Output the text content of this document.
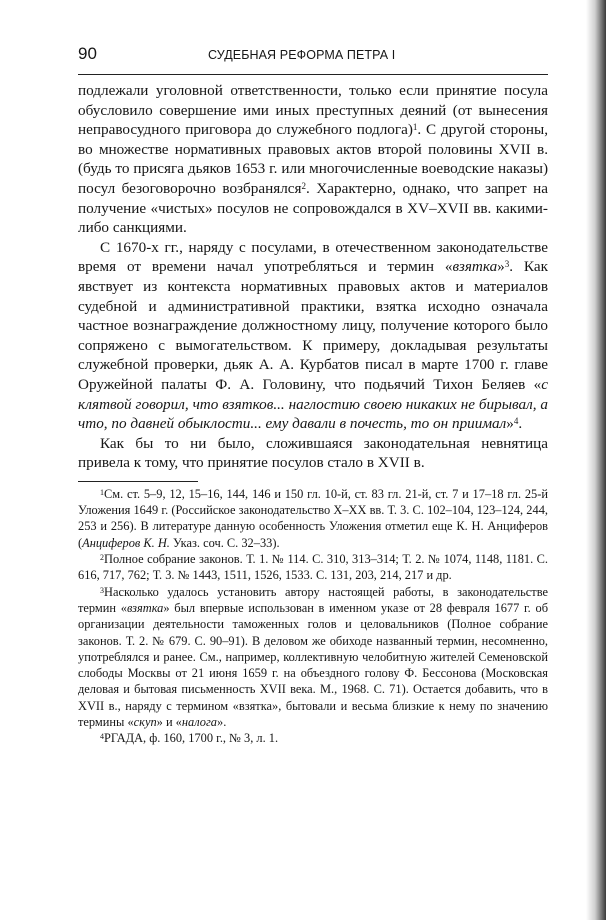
90	СУДЕБНАЯ РЕФОРМА ПЕТРА I

подлежали уголовной ответственности, только если принятие посула обусловило совершение ими иных преступных деяний (от вынесения неправосудного приговора до служебного подлога)$^1$. С другой стороны, во множестве нормативных правовых актов второй половины XVII в. (будь то присяга дьяков 1653 г. или многочисленные воеводские наказы) посул безоговорочно возбранялся$^2$. Характерно, однако, что запрет на получение «чистых» посулов не сопровождался в XV–XVII вв. какими-либо санкциями.

С 1670-х гг., наряду с посулами, в отечественном законодательстве время от времени начал употребляться и термин «взятка»$^3$. Как явствует из контекста нормативных правовых актов и материалов судебной и административной практики, взятка исходно означала частное вознаграждение должностному лицу, получение которого было сопряжено с вымогательством. К примеру, докладывая результаты служебной проверки, дьяк А. А. Курбатов писал в марте 1700 г. главе Оружейной палаты Ф. А. Головину, что подьячий Тихон Беляев «с клятвой говорил, что взятков... наглостию своею никаких не бирывал, а что, по давней обыклости... ему давали в почесть, то он приимал»$^4$.

Как бы то ни было, сложившаяся законодательная невнятица привела к тому, что принятие посулов стало в XVII в.

$^1$См. ст. 5–9, 12, 15–16, 144, 146 и 150 гл. 10-й, ст. 83 гл. 21-й, ст. 7 и 17–18 гл. 25-й Уложения 1649 г. (Российское законодательство X–XX вв. Т. 3. С. 102–104, 123–124, 244, 253 и 256). В литературе данную особенность Уложения отметил еще К. Н. Анциферов (Анциферов К. Н. Указ. соч. С. 32–33).

$^2$Полное собрание законов. Т. 1. № 114. С. 310, 313–314; Т. 2. № 1074, 1148, 1181. С. 616, 717, 762; Т. 3. № 1443, 1511, 1526, 1533. С. 131, 203, 214, 217 и др.

$^3$Насколько удалось установить автору настоящей работы, в законодательстве термин «взятка» был впервые использован в именном указе от 28 февраля 1677 г. об организации деятельности таможенных голов и целовальников (Полное собрание законов. Т. 2. № 679. С. 90–91). В деловом же обиходе названный термин, несомненно, употреблялся и ранее. См., например, коллективную челобитную жителей Семеновской слободы Москвы от 21 июня 1659 г. на объездного голову Ф. Бессонова (Московская деловая и бытовая письменность XVII века. М., 1968. С. 71). Остается добавить, что в XVII в., наряду с термином «взятка», бытовали и весьма близкие к нему по значению термины «скуп» и «налога».

$^4$РГАДА, ф. 160, 1700 г., № 3, л. 1.
